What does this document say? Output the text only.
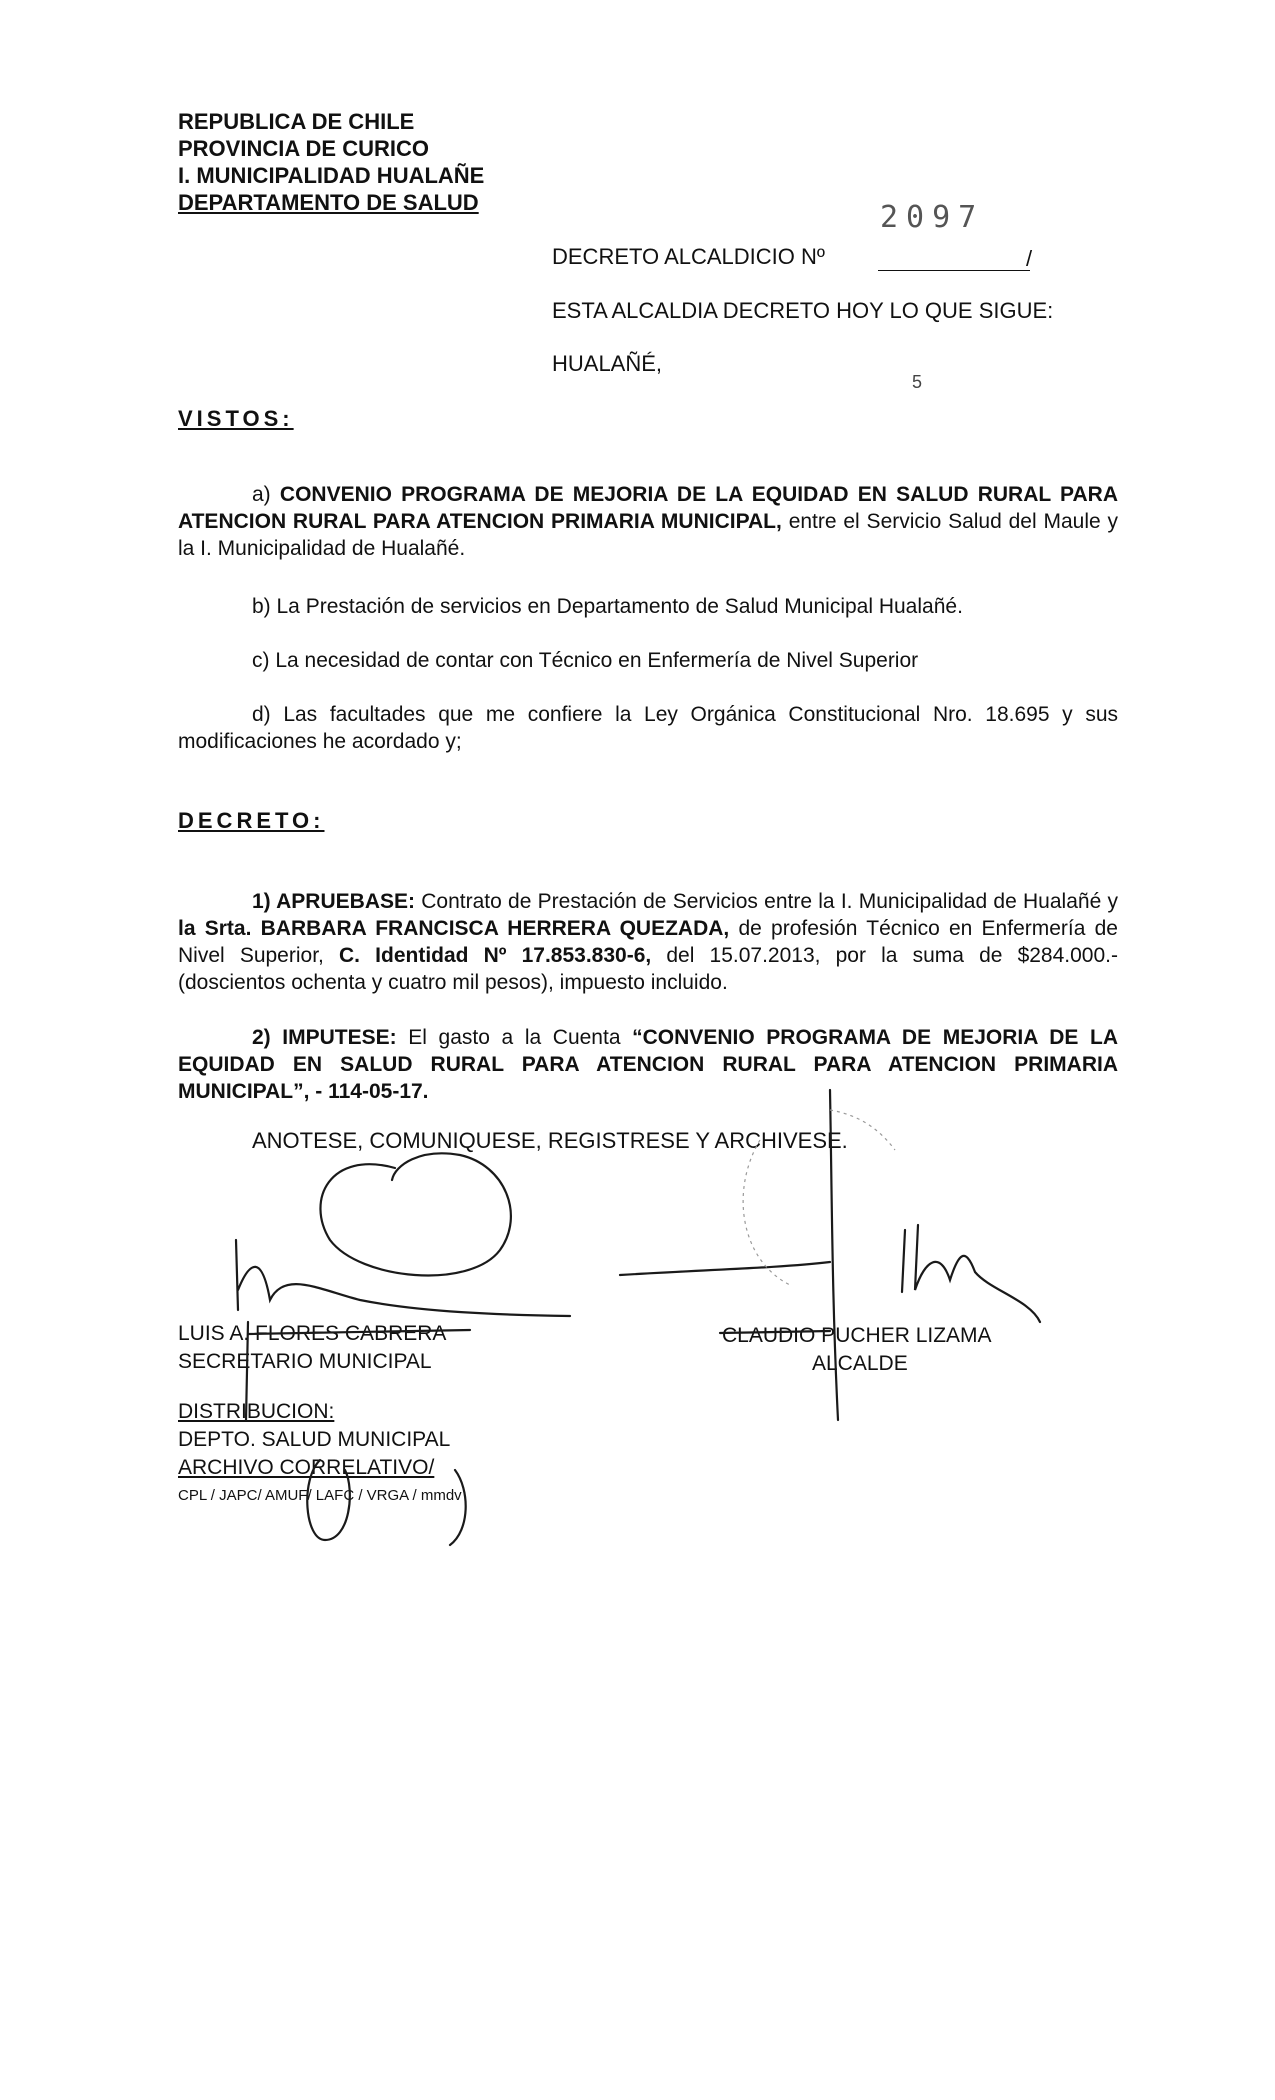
REPUBLICA DE CHILE
PROVINCIA DE CURICO
I. MUNICIPALIDAD HUALAÑE
DEPARTAMENTO DE SALUD	2097
DECRETO ALCALDICIO Nº	/
ESTA ALCALDIA DECRETO HOY LO QUE SIGUE:
HUALAÑÉ,
5
VISTOS:
a) CONVENIO PROGRAMA DE MEJORIA DE LA EQUIDAD EN SALUD RURAL PARA ATENCION RURAL PARA ATENCION PRIMARIA MUNICIPAL, entre el Servicio Salud del Maule y la I. Municipalidad de Hualañé.
b) La Prestación de servicios en Departamento de Salud Municipal Hualañé.
c) La necesidad de contar con Técnico en Enfermería de Nivel Superior
d) Las facultades que me confiere la Ley Orgánica Constitucional Nro. 18.695 y sus modificaciones he acordado y;
DECRETO:
1) APRUEBASE: Contrato de Prestación de Servicios entre la I. Municipalidad de Hualañé y la Srta. BARBARA FRANCISCA HERRERA QUEZADA, de profesión Técnico en Enfermería de Nivel Superior, C. Identidad Nº 17.853.830-6, del 15.07.2013, por la suma de $284.000.- (doscientos ochenta y cuatro mil pesos), impuesto incluido.
2) IMPUTESE: El gasto a la Cuenta “CONVENIO PROGRAMA DE MEJORIA DE LA EQUIDAD EN SALUD RURAL PARA ATENCION RURAL PARA ATENCION PRIMARIA MUNICIPAL”, - 114-05-17.
ANOTESE, COMUNIQUESE, REGISTRESE Y ARCHIVESE.
LUIS A. FLORES CABRERA
SECRETARIO MUNICIPAL
CLAUDIO PUCHER LIZAMA
ALCALDE
DISTRIBUCION:
DEPTO. SALUD MUNICIPAL
ARCHIVO CORRELATIVO/
CPL / JAPC/ AMUF/ LAFC / VRGA / mmdv
